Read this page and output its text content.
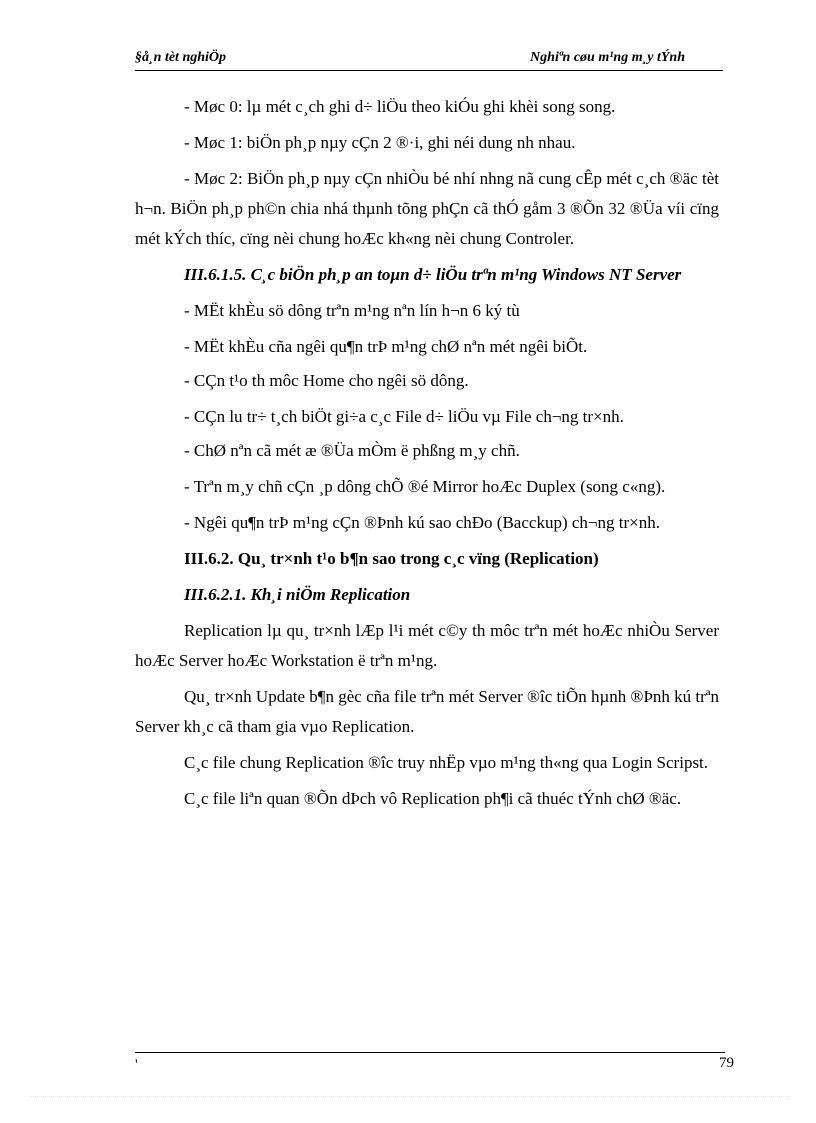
§å¸n tèt nghiÖp	Nghiªn cøu m¹ng m¸y tÝnh

- Møc 0: lµ mét c¸ch ghi d÷ liÖu theo kiÓu ghi khèi song song.

- Møc 1: biÖn ph¸p nµy cÇn 2 ®·i, ghi néi dung nh nhau.

- Møc 2: BiÖn ph¸p nµy cÇn nhiÒu bé nhí nhng nã cung cÊp mét c¸ch ®äc tèt h¬n. BiÖn ph¸p ph©n chia nhá thµnh tõng phÇn cã thÓ gåm 3 ®Õn 32 ®Üa víi cïng mét kÝch thíc, cïng nèi chung hoÆc kh«ng nèi chung Controler.

III.6.1.5. C¸c biÖn ph¸p an toµn d÷ liÖu trªn m¹ng Windows NT Server

- MËt khÈu sö dông trªn m¹ng nªn lín h¬n 6 ký tù

- MËt khÈu cña ngêi qu¶n trÞ m¹ng chØ nªn mét ngêi biÕt.

- CÇn t¹o th môc Home cho ngêi sö dông.

- CÇn lu tr÷ t¸ch biÖt gi÷a c¸c File d÷ liÖu vµ File ch¬ng tr×nh.

- ChØ nªn cã mét æ ®Üa mÒm ë phßng m¸y chñ.

- Trªn m¸y chñ cÇn ¸p dông chÕ ®é Mirror hoÆc Duplex (song c«ng).

- Ngêi qu¶n trÞ m¹ng cÇn ®Þnh kú sao chÐo (Bacckup) ch¬ng tr×nh.

III.6.2. Qu¸ tr×nh t¹o b¶n sao trong c¸c vïng (Replication)

III.6.2.1. Kh¸i niÖm Replication

Replication lµ qu¸ tr×nh lÆp l¹i mét c©y th môc trªn mét hoÆc nhiÒu Server hoÆc Server hoÆc Workstation ë trªn m¹ng.

Qu¸ tr×nh Update b¶n gèc cña file trªn mét Server ®îc tiÕn hµnh ®Þnh kú trªn Server kh¸c cã tham gia vµo Replication.

C¸c file chung Replication ®îc truy nhËp vµo m¹ng th«ng qua Login Scripst.

C¸c file liªn quan ®Õn dÞch vô Replication ph¶i cã thuéc tÝnh chØ ®äc.

'	79
